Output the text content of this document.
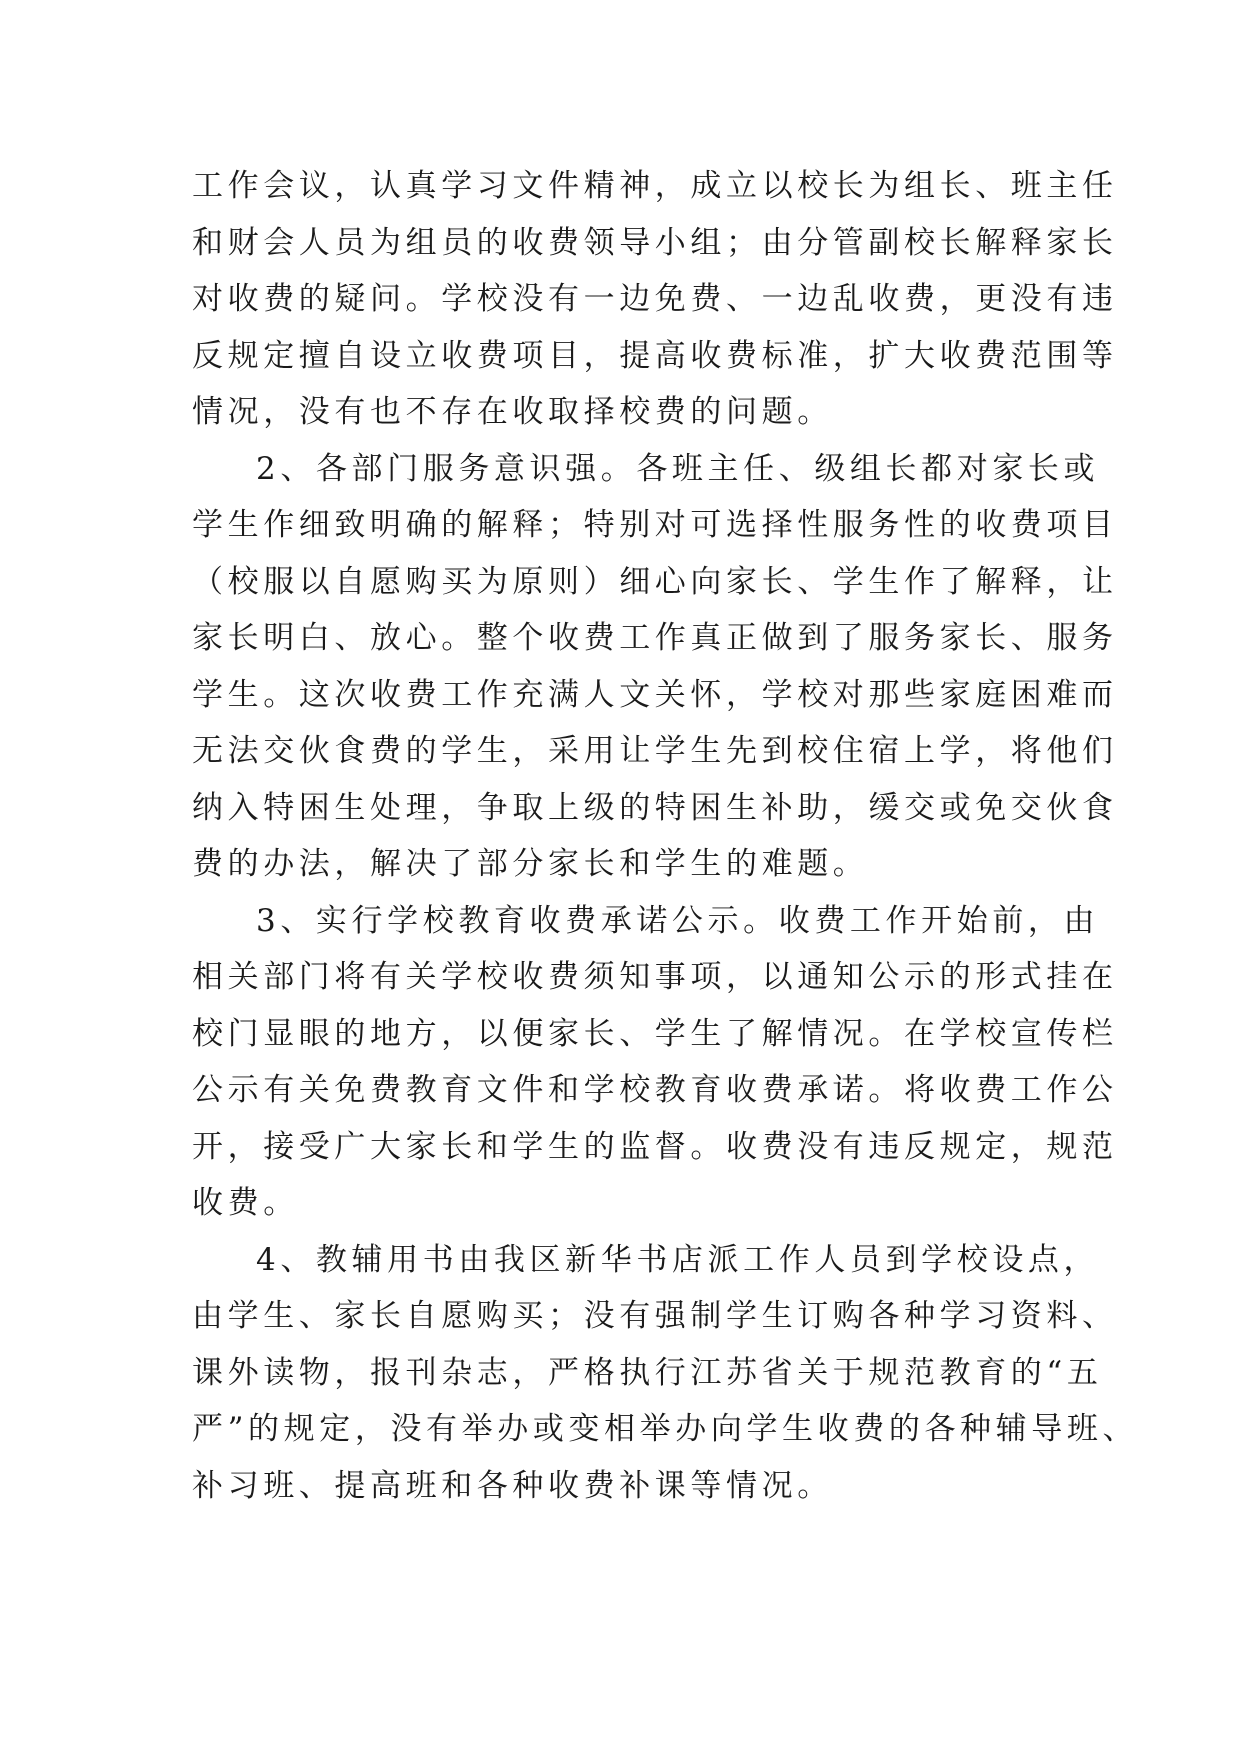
工作会议，认真学习文件精神，成立以校长为组长、班主任
和财会人员为组员的收费领导小组；由分管副校长解释家长
对收费的疑问。学校没有一边免费、一边乱收费，更没有违
反规定擅自设立收费项目，提高收费标准，扩大收费范围等
情况，没有也不存在收取择校费的问题。
2、各部门服务意识强。各班主任、级组长都对家长或
学生作细致明确的解释；特别对可选择性服务性的收费项目
（校服以自愿购买为原则）细心向家长、学生作了解释，让
家长明白、放心。整个收费工作真正做到了服务家长、服务
学生。这次收费工作充满人文关怀，学校对那些家庭困难而
无法交伙食费的学生，采用让学生先到校住宿上学，将他们
纳入特困生处理，争取上级的特困生补助，缓交或免交伙食
费的办法，解决了部分家长和学生的难题。
3、实行学校教育收费承诺公示。收费工作开始前，由
相关部门将有关学校收费须知事项，以通知公示的形式挂在
校门显眼的地方，以便家长、学生了解情况。在学校宣传栏
公示有关免费教育文件和学校教育收费承诺。将收费工作公
开，接受广大家长和学生的监督。收费没有违反规定，规范
收费。
4、教辅用书由我区新华书店派工作人员到学校设点，
由学生、家长自愿购买；没有强制学生订购各种学习资料、
课外读物，报刊杂志，严格执行江苏省关于规范教育的“五
严”的规定，没有举办或变相举办向学生收费的各种辅导班、
补习班、提高班和各种收费补课等情况。
